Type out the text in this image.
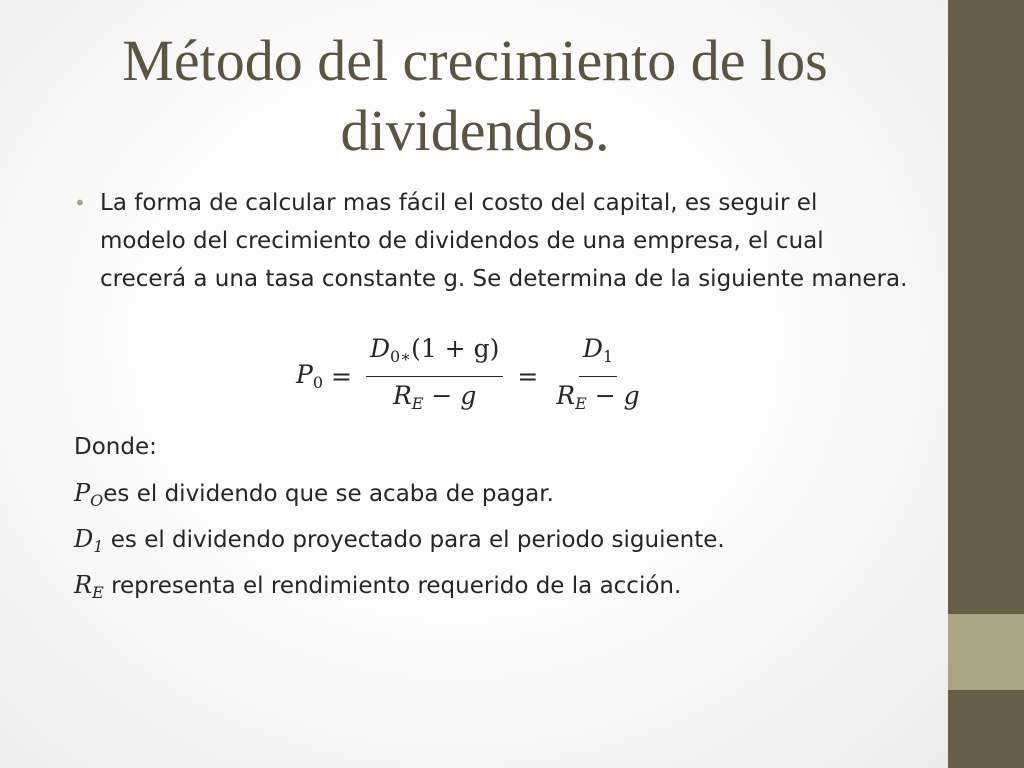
Método del crecimiento de los
dividendos.
• La forma de calcular mas fácil el costo del capital, es seguir el modelo del crecimiento de dividendos de una empresa, el cual crecerá a una tasa constante g. Se determina de la siguiente manera.
$P_0 = \frac{D_{0∗}(1 + g)}{R_E - g} = \frac{D_1}{R_E - g}$
Donde:
$P_Oes$ el dividendo que se acaba de pagar.
$D_1$ es el dividendo proyectado para el periodo siguiente.
$R_E$ representa el rendimiento requerido de la acción.
